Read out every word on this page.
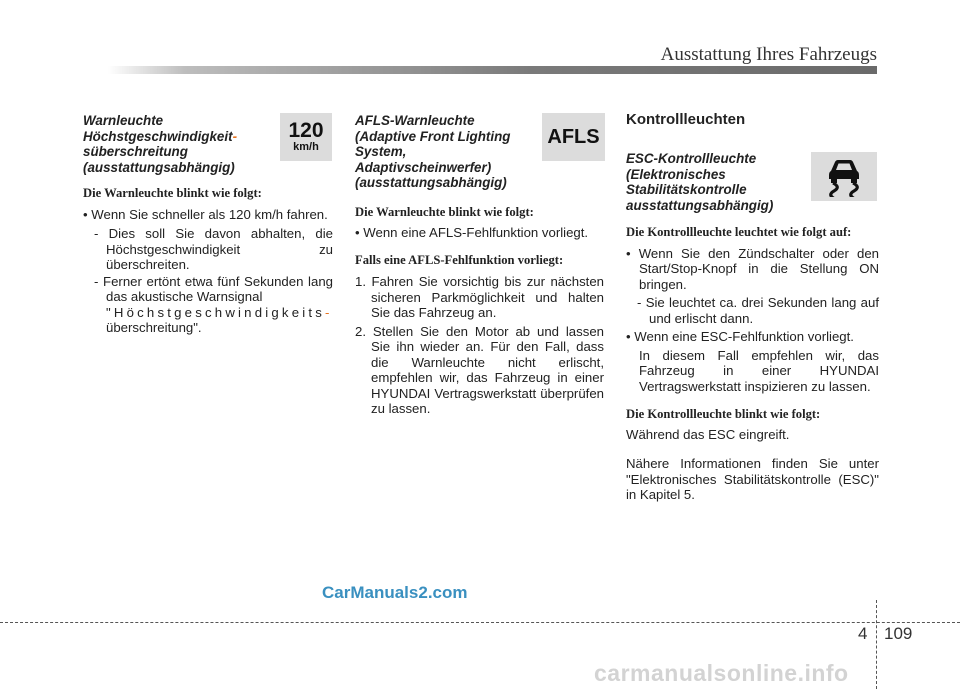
Ausstattung Ihres Fahrzeugs
Warnleuchte
Höchstgeschwindigkeit-
süberschreitung
(ausstattungsabhängig)
Die Warnleuchte blinkt wie folgt:
• Wenn Sie schneller als 120 km/h fahren.
- Dies soll Sie davon abhalten, die Höchstgeschwindigkeit zu überschreiten.
- Ferner ertönt etwa fünf Sekunden lang das akustische Warnsignal
"Höchstgeschwindigkeits-
überschreitung".
120
km/h
AFLS-Warnleuchte
(Adaptive Front Lighting
System,
Adaptivscheinwerfer)
(ausstattungsabhängig)
Die Warnleuchte blinkt wie folgt:
• Wenn eine AFLS-Fehlfunktion vorliegt.
Falls eine AFLS-Fehlfunktion vorliegt:
1. Fahren Sie vorsichtig bis zur nächsten sicheren Parkmöglichkeit und halten Sie das Fahrzeug an.
2. Stellen Sie den Motor ab und lassen Sie ihn wieder an. Für den Fall, dass die Warnleuchte nicht erlischt, empfehlen wir, das Fahrzeug in einer HYUNDAI Vertragswerkstatt überprüfen zu lassen.
AFLS
Kontrollleuchten
ESC-Kontrollleuchte
(Elektronisches
Stabilitätskontrolle
ausstattungsabhängig)
Die Kontrollleuchte leuchtet wie folgt auf:
• Wenn Sie den Zündschalter oder den Start/Stop-Knopf in die Stellung ON bringen.
- Sie leuchtet ca. drei Sekunden lang auf und erlischt dann.
• Wenn eine ESC-Fehlfunktion vorliegt.
In diesem Fall empfehlen wir, das Fahrzeug in einer HYUNDAI Vertragswerkstatt inspizieren zu lassen.
Die Kontrollleuchte blinkt wie folgt:
Während das ESC eingreift.
Nähere Informationen finden Sie unter "Elektronisches Stabilitätskontrolle (ESC)" in Kapitel 5.
4 109
CarManuals2.com
carmanualsonline.info
